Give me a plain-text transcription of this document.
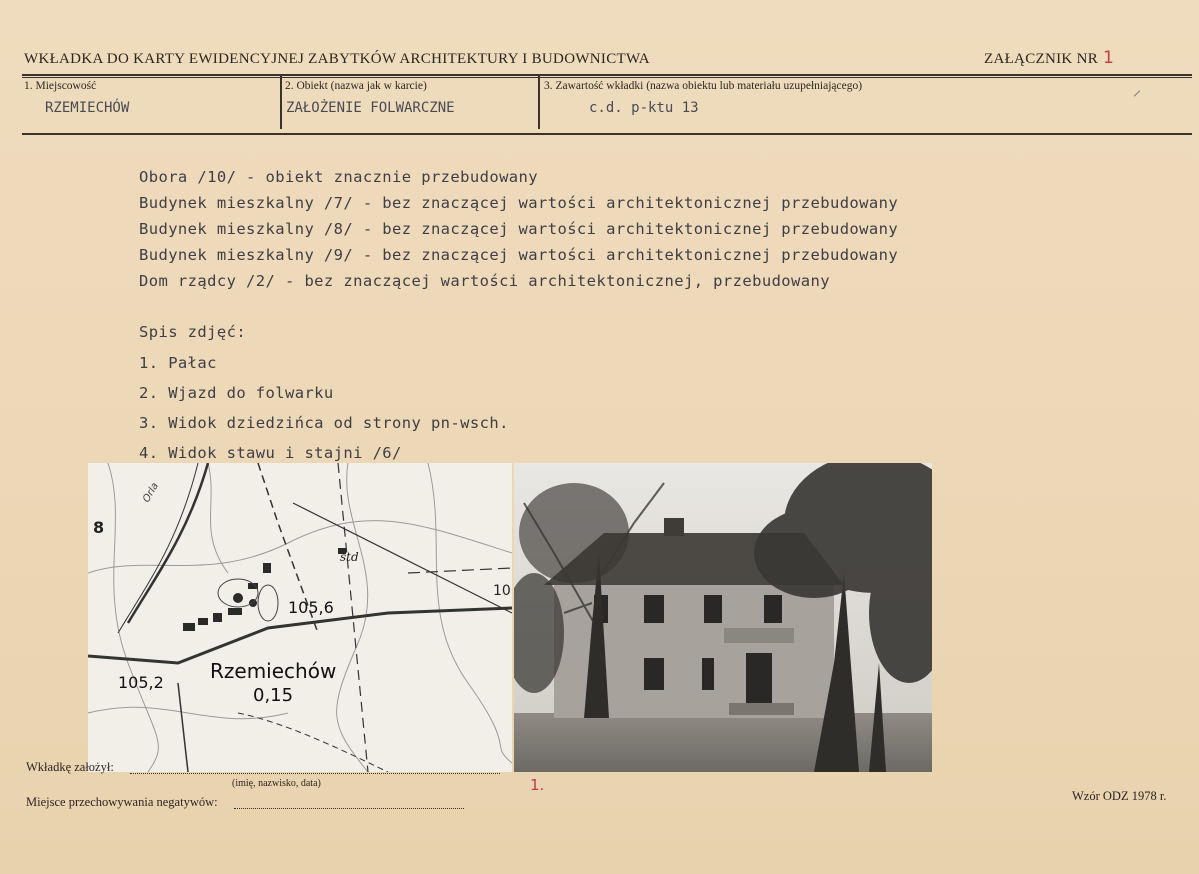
WKŁADKA DO KARTY EWIDENCYJNEJ ZABYTKÓW ARCHITEKTURY I BUDOWNICTWA	ZAŁĄCZNIK NR 1
1. Miejscowość
RZEMIECHÓW
2. Obiekt (nazwa jak w karcie)
ZAŁOŻENIE FOLWARCZNE
3. Zawartość wkładki (nazwa obiektu lub materiału uzupełniającego)
c.d. p-ktu 13
Obora /10/ - obiekt znacznie przebudowany
Budynek mieszkalny /7/ - bez znaczącej wartości architektonicznej przebudowany
Budynek mieszkalny /8/ - bez znaczącej wartości architektonicznej przebudowany
Budynek mieszkalny /9/ - bez znaczącej wartości architektonicznej przebudowany
Dom rządcy /2/ - bez znaczącej wartości architektonicznej, przebudowany
Spis zdjęć:
1. Pałac
2. Wjazd do folwarku
3. Widok dziedzińca od strony pn-wsch.
4. Widok stawu i stajni /6/
8
10
Orla
std
105,6
105,2 Rzemiechów
0,15
1.
Wkładkę założył:
(imię, nazwisko, data)
Miejsce przechowywania negatywów:	Wzór ODZ 1978 r.
